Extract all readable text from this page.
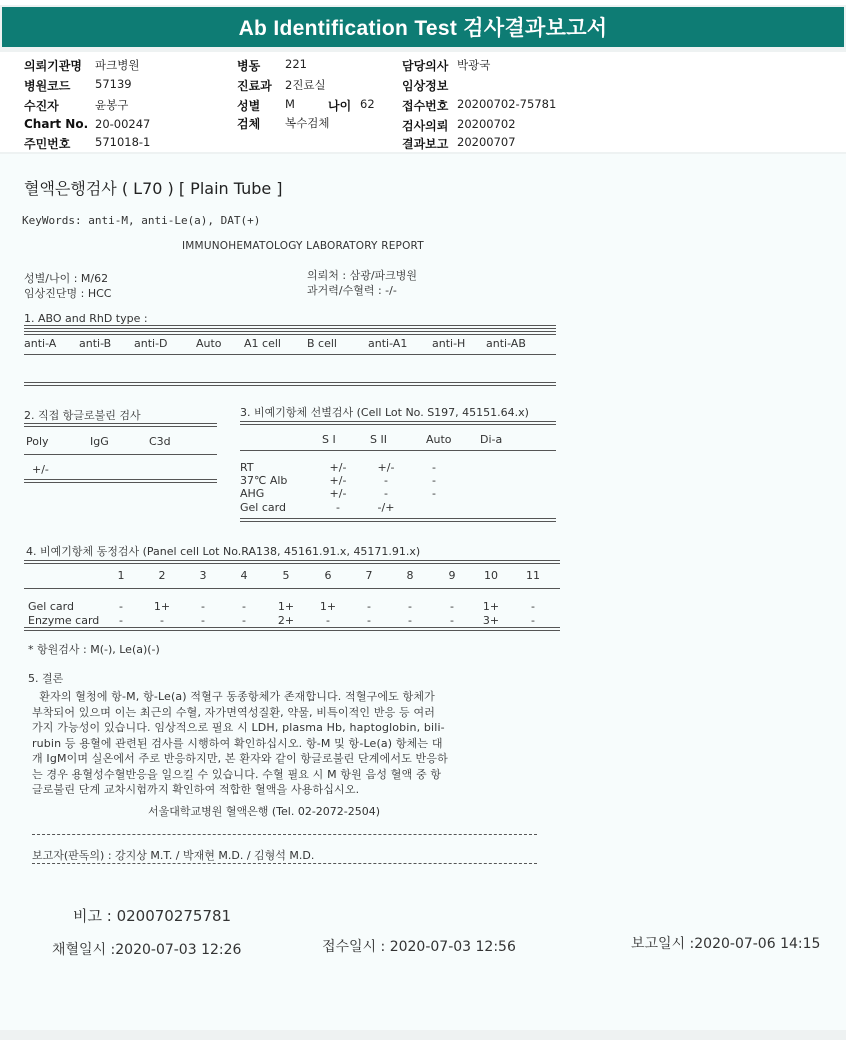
Ab Identification Test 검사결과보고서
의뢰기관명 파크병원
병원코드 57139
수진자	윤봉구
Chart No. 20-00247
주민번호 571018-1
병동 221
진료과 2진료실
성별 M	나이 62
검체 복수검체
담당의사 박광국
임상정보
접수번호 20200702-75781
검사의뢰 20200702
결과보고 20200707
혈액은행검사 ( L70 ) [ Plain Tube ]
KeyWords: anti-M, anti-Le(a), DAT(+)
IMMUNOHEMATOLOGY LABORATORY REPORT
성별/나이 : M/62
임상진단명 : HCC
의뢰처 : 삼광/파크병원
과거력/수혈력 : -/-
1. ABO and RhD type :
anti-A anti-B anti-D	Auto A1 cell B cell	anti-A1 anti-H anti-AB
2. 직접 항글로불린 검사
Poly	IgG	C3d
+/-
3. 비예기항체 선별검사 (Cell Lot No. S197, 45151.64.x)
S I	S II	Auto	Di-a
RT	+/-	+/-	-
37℃ Alb	+/-	-	-
AHG	+/-	-	-
Gel card	-	-/+
4. 비예기항체 동정검사 (Panel cell Lot No.RA138, 45161.91.x, 45171.91.x)
1	2	3	4	5	6	7	8	9	10	11
Gel card	-	1+	-	-	1+	1+	-	-	-	1+	-
Enzyme card	-	-	-	-	2+	-	-	-	-	3+	-
* 항원검사 : M(-), Le(a)(-)
5. 결론
환자의 혈청에 항-M, 항-Le(a) 적혈구 동종항체가 존재합니다. 적혈구에도 항체가
부착되어 있으며 이는 최근의 수혈, 자가면역성질환, 약물, 비특이적인 반응 등 여러
가지 가능성이 있습니다. 임상적으로 필요 시 LDH, plasma Hb, haptoglobin, bili-
rubin 등 용혈에 관련된 검사를 시행하여 확인하십시오. 항-M 및 항-Le(a) 항체는 대
개 IgM이며 실온에서 주로 반응하지만, 본 환자와 같이 항글로불린 단계에서도 반응하
는 경우 용혈성수혈반응을 일으킬 수 있습니다. 수혈 필요 시 M 항원 음성 혈액 중 항
글로불린 단계 교차시험까지 확인하여 적합한 혈액을 사용하십시오.
서울대학교병원 혈액은행 (Tel. 02-2072-2504)
보고자(판독의) : 강지상 M.T. / 박재현 M.D. / 김형석 M.D.
비고 : 020070275781
채혈일시 :2020-07-03 12:26	접수일시 : 2020-07-03 12:56	보고일시 :2020-07-06 14:15
